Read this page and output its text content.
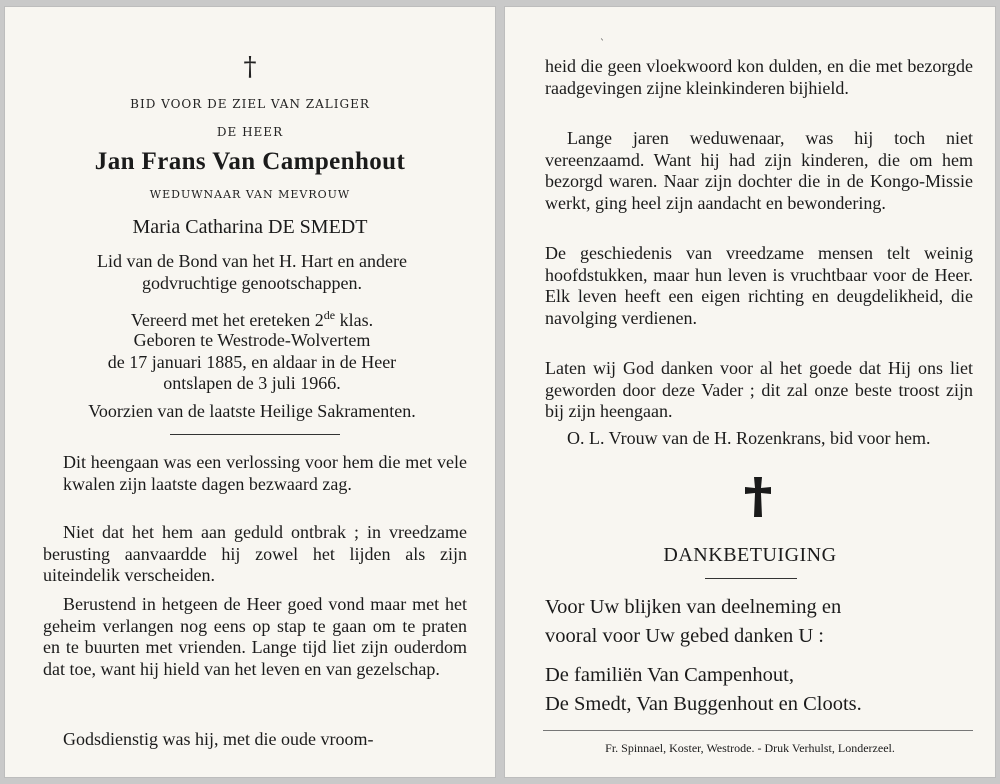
†
BID VOOR DE ZIEL VAN ZALIGER
DE HEER
Jan Frans Van Campenhout
WEDUWNAAR VAN MEVROUW
Maria Catharina DE SMEDT
Lid van de Bond van het H. Hart en andere
godvruchtige genootschappen.
Vereerd met het ereteken 2de klas.
Geboren te Westrode-Wolvertem
de 17 januari 1885, en aldaar in de Heer
ontslapen de 3 juli 1966.
Voorzien van de laatste Heilige Sakramenten.
Dit heengaan was een verlossing voor hem die met vele kwalen zijn laatste dagen bezwaard zag.
Niet dat het hem aan geduld ontbrak ; in vreedzame berusting aanvaardde hij zowel het lijden als zijn uiteindelik verscheiden.
Berustend in hetgeen de Heer goed vond maar met het geheim verlangen nog eens op stap te gaan om te praten en te buurten met vrienden. Lange tijd liet zijn ouderdom dat toe, want hij hield van het leven en van gezelschap.
Godsdienstig was hij, met die oude vroom-
`
heid die geen vloekwoord kon dulden, en die met bezorgde raadgevingen zijne kleinkinderen bijhield.
Lange jaren weduwenaar, was hij toch niet vereenzaamd. Want hij had zijn kinderen, die om hem bezorgd waren. Naar zijn dochter die in de Kongo-Missie werkt, ging heel zijn aandacht en bewondering.
De geschiedenis van vreedzame mensen telt weinig hoofdstukken, maar hun leven is vruchtbaar voor de Heer. Elk leven heeft een eigen richting en deugdelikheid, die navolging verdienen.
Laten wij God danken voor al het goede dat Hij ons liet geworden door deze Vader ; dit zal onze beste troost zijn bij zijn heengaan.
O. L. Vrouw van de H. Rozenkrans, bid voor hem.
DANKBETUIGING
Voor Uw blijken van deelneming en
vooral voor Uw gebed danken U :
De familiën Van Campenhout,
De Smedt, Van Buggenhout en Cloots.
Fr. Spinnael, Koster, Westrode. - Druk Verhulst, Londerzeel.
